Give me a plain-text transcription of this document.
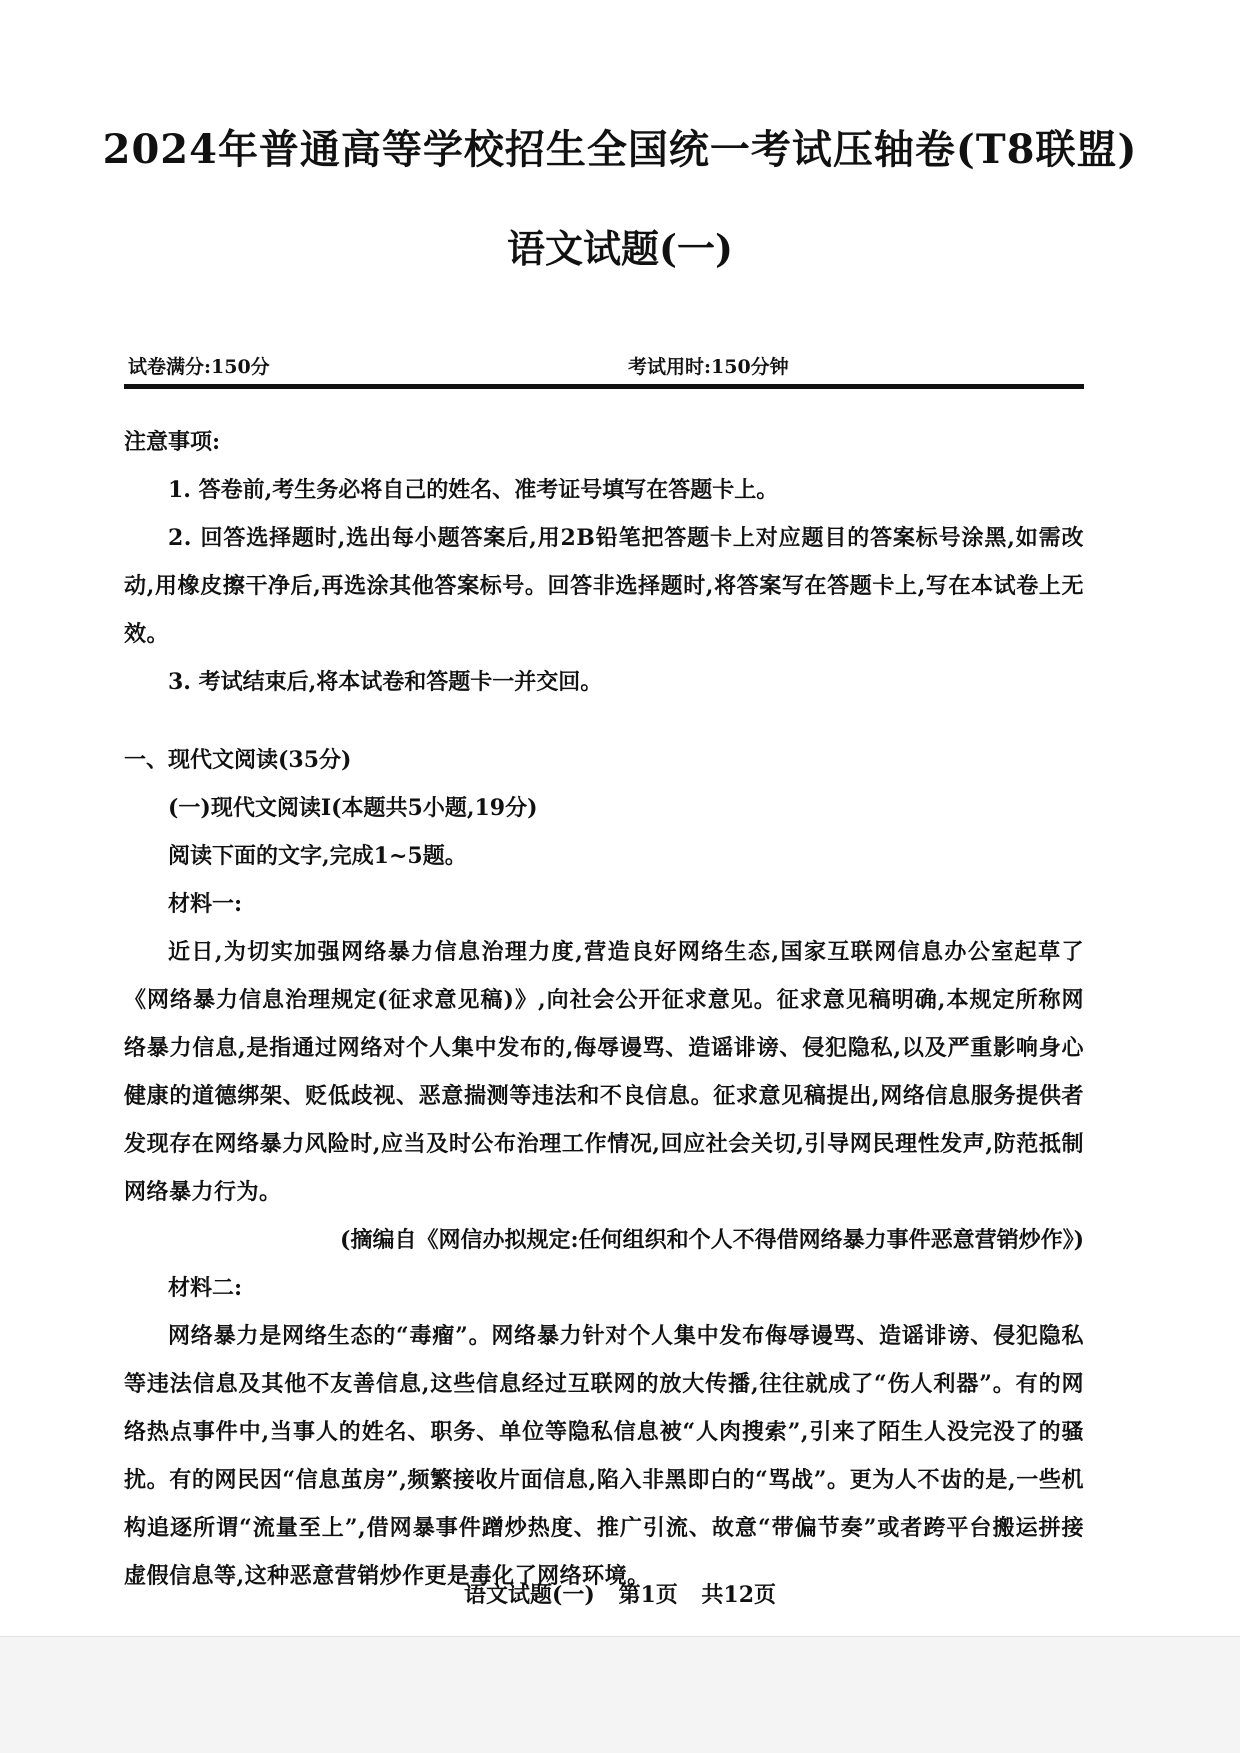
2024年普通高等学校招生全国统一考试压轴卷(T8联盟)
语文试题(一)
试卷满分:150分	考试用时:150分钟

注意事项:

1. 答卷前,考生务必将自己的姓名、准考证号填写在答题卡上。

2. 回答选择题时,选出每小题答案后,用2B铅笔把答题卡上对应题目的答案标号涂黑,如需改动,用橡皮擦干净后,再选涂其他答案标号。回答非选择题时,将答案写在答题卡上,写在本试卷上无效。

3. 考试结束后,将本试卷和答题卡一并交回。

一、现代文阅读(35分)

(一)现代文阅读Ⅰ(本题共5小题,19分)

阅读下面的文字,完成1~5题。

材料一:

近日,为切实加强网络暴力信息治理力度,营造良好网络生态,国家互联网信息办公室起草了《网络暴力信息治理规定(征求意见稿)》,向社会公开征求意见。征求意见稿明确,本规定所称网络暴力信息,是指通过网络对个人集中发布的,侮辱谩骂、造谣诽谤、侵犯隐私,以及严重影响身心健康的道德绑架、贬低歧视、恶意揣测等违法和不良信息。征求意见稿提出,网络信息服务提供者发现存在网络暴力风险时,应当及时公布治理工作情况,回应社会关切,引导网民理性发声,防范抵制网络暴力行为。

(摘编自《网信办拟规定:任何组织和个人不得借网络暴力事件恶意营销炒作》)

材料二:

网络暴力是网络生态的“毒瘤”。网络暴力针对个人集中发布侮辱谩骂、造谣诽谤、侵犯隐私等违法信息及其他不友善信息,这些信息经过互联网的放大传播,往往就成了“伤人利器”。有的网络热点事件中,当事人的姓名、职务、单位等隐私信息被“人肉搜索”,引来了陌生人没完没了的骚扰。有的网民因“信息茧房”,频繁接收片面信息,陷入非黑即白的“骂战”。更为人不齿的是,一些机构追逐所谓“流量至上”,借网暴事件蹭炒热度、推广引流、故意“带偏节奏”或者跨平台搬运拼接虚假信息等,这种恶意营销炒作更是毒化了网络环境。

语文试题(一) 第1页 共12页
